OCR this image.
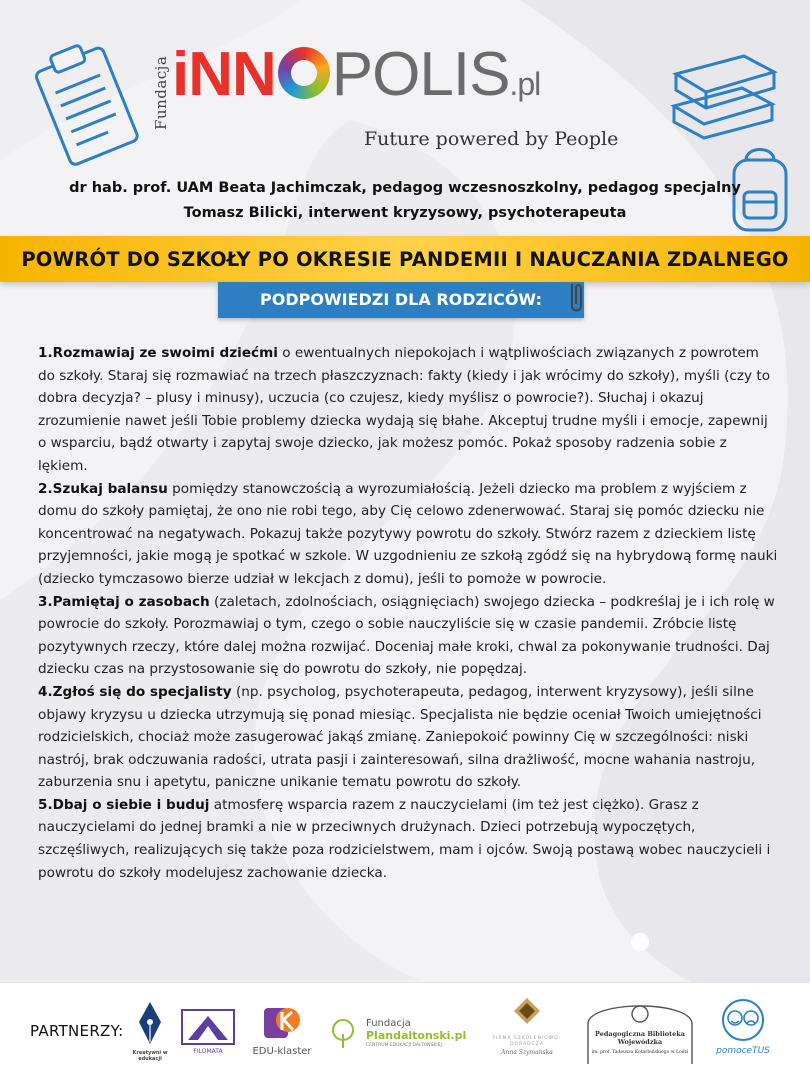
Fundacja iNN POLIS.pl
Future powered by People
dr hab. prof. UAM Beata Jachimczak, pedagog wczesnoszkolny, pedagog specjalny
Tomasz Bilicki, interwent kryzysowy, psychoterapeuta
POWRÓT DO SZKOŁY PO OKRESIE PANDEMII I NAUCZANIA ZDALNEGO
PODPOWIEDZI DLA RODZICÓW:

1.Rozmawiaj ze swoimi dziećmi o ewentualnych niepokojach i wątpliwościach związanych z powrotem do szkoły. Staraj się rozmawiać na trzech płaszczyznach: fakty (kiedy i jak wrócimy do szkoły), myśli (czy to dobra decyzja? – plusy i minusy), uczucia (co czujesz, kiedy myślisz o powrocie?). Słuchaj i okazuj zrozumienie nawet jeśli Tobie problemy dziecka wydają się błahe. Akceptuj trudne myśli i emocje, zapewnij o wsparciu, bądź otwarty i zapytaj swoje dziecko, jak możesz pomóc. Pokaż sposoby radzenia sobie z lękiem.

2.Szukaj balansu pomiędzy stanowczością a wyrozumiałością. Jeżeli dziecko ma problem z wyjściem z domu do szkoły pamiętaj, że ono nie robi tego, aby Cię celowo zdenerwować. Staraj się pomóc dziecku nie koncentrować na negatywach. Pokazuj także pozytywy powrotu do szkoły. Stwórz razem z dzieckiem listę przyjemności, jakie mogą je spotkać w szkole. W uzgodnieniu ze szkołą zgódź się na hybrydową formę nauki (dziecko tymczasowo bierze udział w lekcjach z domu), jeśli to pomoże w powrocie.

3.Pamiętaj o zasobach (zaletach, zdolnościach, osiągnięciach) swojego dziecka – podkreślaj je i ich rolę w powrocie do szkoły. Porozmawiaj o tym, czego o sobie nauczyliście się w czasie pandemii. Zróbcie listę pozytywnych rzeczy, które dalej można rozwijać. Doceniaj małe kroki, chwal za pokonywanie trudności. Daj dziecku czas na przystosowanie się do powrotu do szkoły, nie popędzaj.

4.Zgłoś się do specjalisty (np. psycholog, psychoterapeuta, pedagog, interwent kryzysowy), jeśli silne objawy kryzysu u dziecka utrzymują się ponad miesiąc. Specjalista nie będzie oceniał Twoich umiejętności rodzicielskich, chociaż może zasugerować jakąś zmianę. Zaniepokoić powinny Cię w szczególności: niski nastrój, brak odczuwania radości, utrata pasji i zainteresowań, silna drażliwość, mocne wahania nastroju, zaburzenia snu i apetytu, paniczne unikanie tematu powrotu do szkoły.

5.Dbaj o siebie i buduj atmosferę wsparcia razem z nauczycielami (im też jest ciężko). Grasz z nauczycielami do jednej bramki a nie w przeciwnych drużynach. Dzieci potrzebują wypoczętych, szczęśliwych, realizujących się także poza rodzicielstwem, mam i ojców. Swoją postawą wobec nauczycieli i powrotu do szkoły modelujesz zachowanie dziecka.

PARTNERZY:
Kreatywni w edukacji
FILOMATA	EDU-klaster
Fundacja
Plandaltonski.pl
CENTRUM EDUKACJI DALTOŃSKIEJ
FIRMA SZKOLENIOWO-DORADCZA
Anna Szymańska
Pedagogiczna Biblioteka Wojewódzka
im. prof. Tadeusza Kotarbińskiego w Łodzi	pomoceTUS
